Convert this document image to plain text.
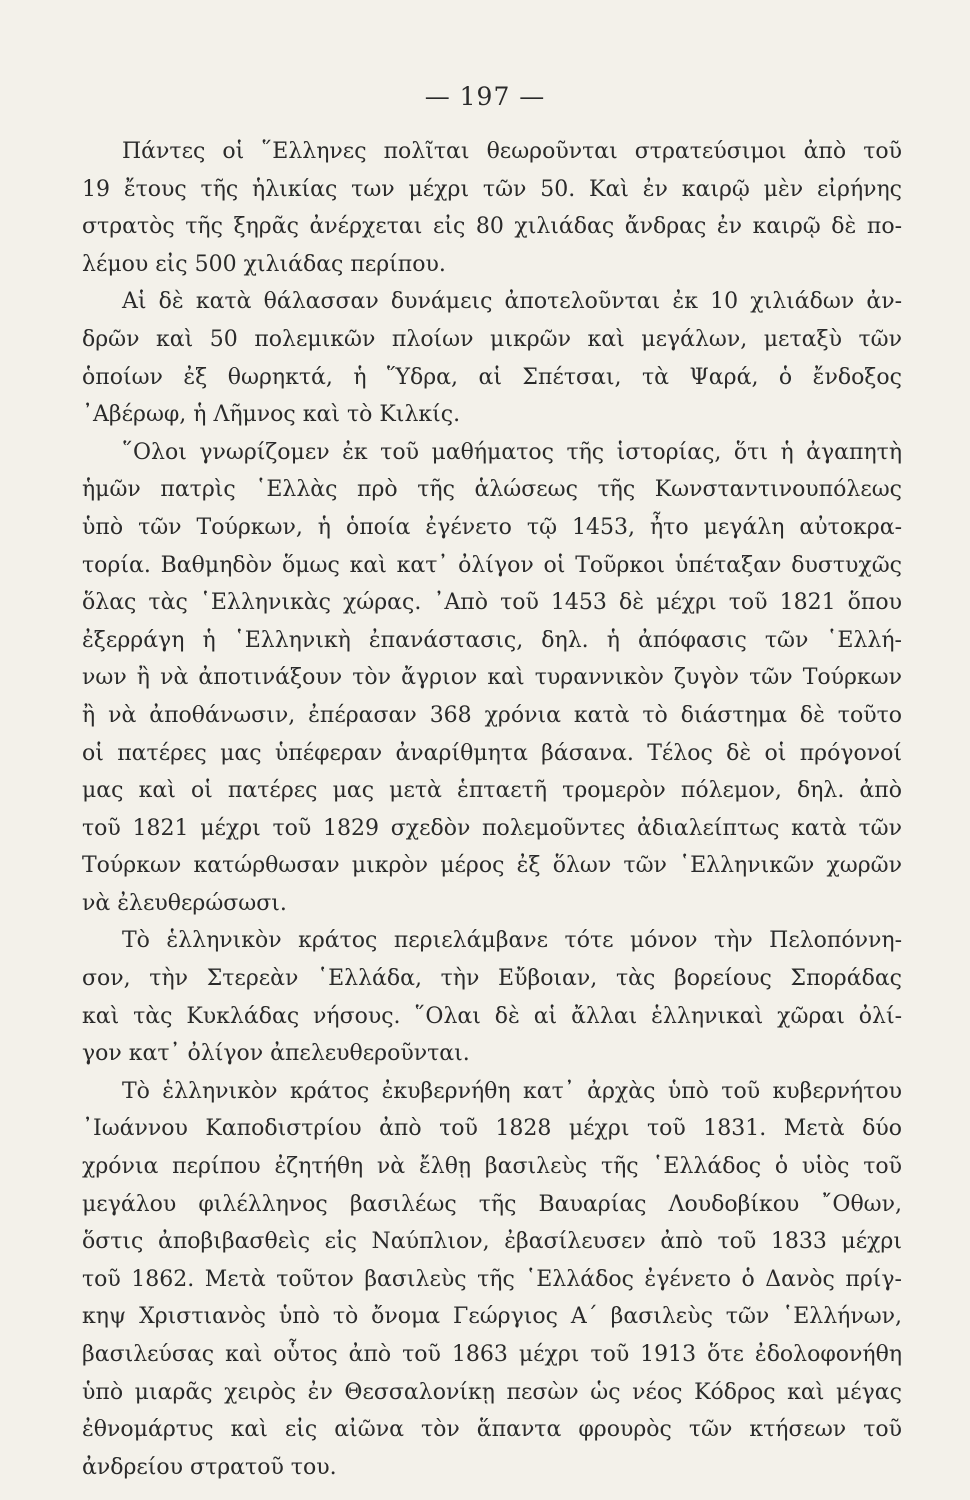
— 197 —
Πάντες οἱ ῞Ελληνες πολῖται θεωροῦνται στρατεύσιμοι ἀπὸ τοῦ
19 ἔτους τῆς ἡλικίας των μέχρι τῶν 50. Καὶ ἐν καιρῷ μὲν εἰρήνης
στρατὸς τῆς ξηρᾶς ἀνέρχεται εἰς 80 χιλιάδας ἄνδρας ἐν καιρῷ δὲ πο-
λέμου εἰς 500 χιλιάδας περίπου.
Αἱ δὲ κατὰ θάλασσαν δυνάμεις ἀποτελοῦνται ἐκ 10 χιλιάδων ἀν-
δρῶν καὶ 50 πολεμικῶν πλοίων μικρῶν καὶ μεγάλων, μεταξὺ τῶν
ὁποίων ἐξ θωρηκτά, ἡ Ὕδρα, αἱ Σπέτσαι, τὰ Ψαρά, ὁ ἔνδοξος
᾿Αβέρωφ, ἡ Λῆμνος καὶ τὸ Κιλκίς.
῞Ολοι γνωρίζομεν ἐκ τοῦ μαθήματος τῆς ἱστορίας, ὅτι ἡ ἀγαπητὴ
ἡμῶν πατρὶς ῾Ελλὰς πρὸ τῆς ἁλώσεως τῆς Κωνσταντινουπόλεως
ὑπὸ τῶν Τούρκων, ἡ ὁποία ἐγένετο τῷ 1453, ἦτο μεγάλη αὐτοκρα-
τορία. Βαθμηδὸν ὅμως καὶ κατ᾿ ὀλίγον οἱ Τοῦρκοι ὑπέταξαν δυστυχῶς
ὅλας τὰς ῾Ελληνικὰς χώρας. ᾿Απὸ τοῦ 1453 δὲ μέχρι τοῦ 1821 ὅπου
ἐξερράγη ἡ ῾Ελληνικὴ ἐπανάστασις, δηλ. ἡ ἀπόφασις τῶν ῾Ελλή-
νων ἢ νὰ ἀποτινάξουν τὸν ἄγριον καὶ τυραννικὸν ζυγὸν τῶν Τούρκων
ἢ νὰ ἀποθάνωσιν, ἐπέρασαν 368 χρόνια κατὰ τὸ διάστημα δὲ τοῦτο
οἱ πατέρες μας ὑπέφεραν ἀναρίθμητα βάσανα. Τέλος δὲ οἱ πρόγονοί
μας καὶ οἱ πατέρες μας μετὰ ἑπταετῆ τρομερὸν πόλεμον, δηλ. ἀπὸ
τοῦ 1821 μέχρι τοῦ 1829 σχεδὸν πολεμοῦντες ἀδιαλείπτως κατὰ τῶν
Τούρκων κατώρθωσαν μικρὸν μέρος ἐξ ὅλων τῶν ῾Ελληνικῶν χωρῶν
νὰ ἐλευθερώσωσι.
Τὸ ἑλληνικὸν κράτος περιελάμβανε τότε μόνον τὴν Πελοπόννη-
σον, τὴν Στερεὰν ῾Ελλάδα, τὴν Εὔβοιαν, τὰς βορείους Σποράδας
καὶ τὰς Κυκλάδας νήσους. ῞Ολαι δὲ αἱ ἄλλαι ἑλληνικαὶ χῶραι ὀλί-
γον κατ᾿ ὀλίγον ἀπελευθεροῦνται.
Τὸ ἑλληνικὸν κράτος ἐκυβερνήθη κατ᾿ ἀρχὰς ὑπὸ τοῦ κυβερνήτου
᾿Ιωάννου Καποδιστρίου ἀπὸ τοῦ 1828 μέχρι τοῦ 1831. Μετὰ δύο
χρόνια περίπου ἐζητήθη νὰ ἔλθῃ βασιλεὺς τῆς ῾Ελλάδος ὁ υἱὸς τοῦ
μεγάλου φιλέλληνος βασιλέως τῆς Βαυαρίας Λουδοβίκου ῎Οθων,
ὅστις ἀποβιβασθεὶς εἰς Ναύπλιον, ἐβασίλευσεν ἀπὸ τοῦ 1833 μέχρι
τοῦ 1862. Μετὰ τοῦτον βασιλεὺς τῆς ῾Ελλάδος ἐγένετο ὁ Δανὸς πρίγ-
κηψ Χριστιανὸς ὑπὸ τὸ ὄνομα Γεώργιος Α΄ βασιλεὺς τῶν ῾Ελλήνων,
βασιλεύσας καὶ οὗτος ἀπὸ τοῦ 1863 μέχρι τοῦ 1913 ὅτε ἐδολοφονήθη
ὑπὸ μιαρᾶς χειρὸς ἐν Θεσσαλονίκῃ πεσὼν ὡς νέος Κόδρος καὶ μέγας
ἐθνομάρτυς καὶ εἰς αἰῶνα τὸν ἅπαντα φρουρὸς τῶν κτήσεων τοῦ
ἀνδρείου στρατοῦ του.
